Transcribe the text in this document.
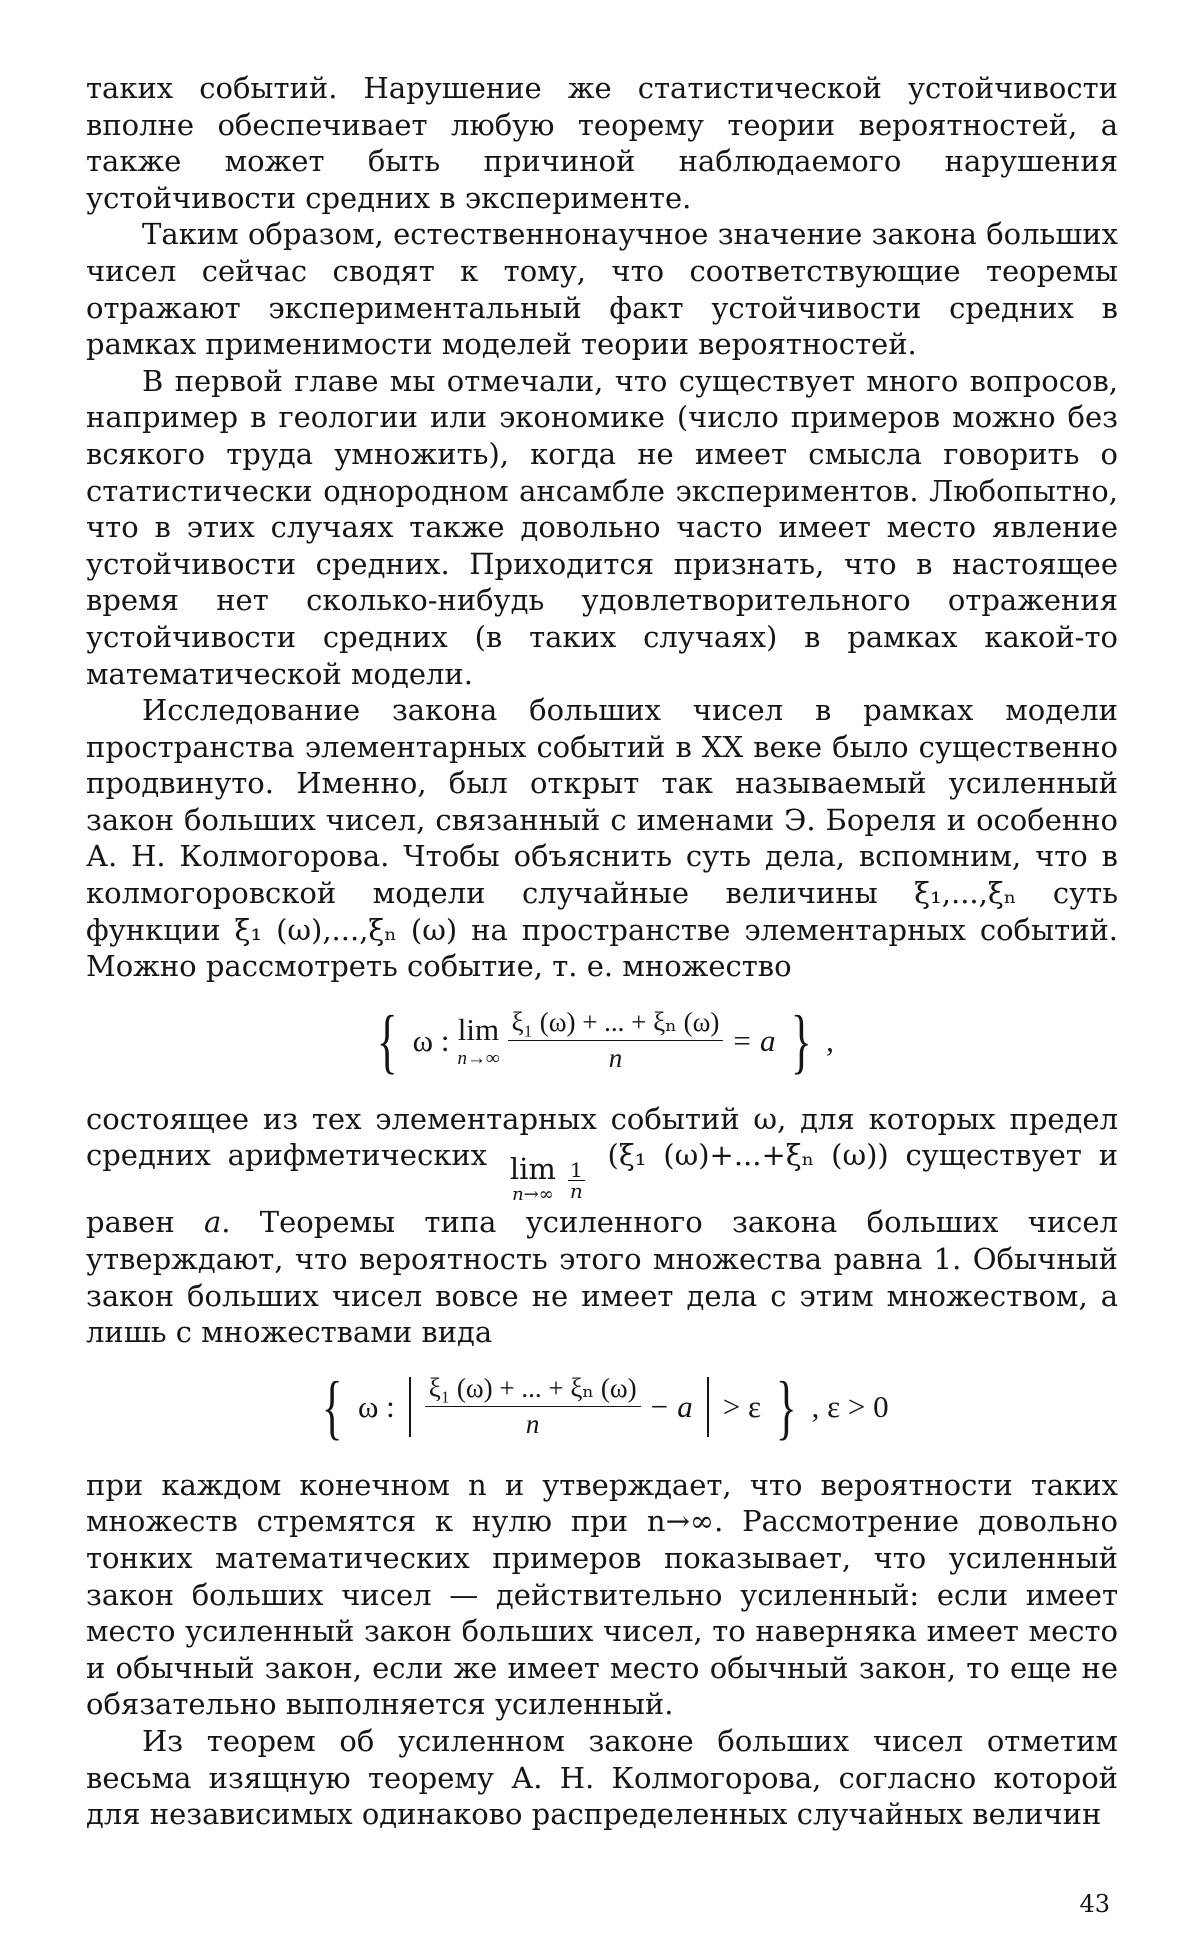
таких событий. Нарушение же статистической устойчивости вполне обеспечивает любую теорему теории вероятностей, а также может быть причиной наблюдаемого нарушения устойчивости средних в эксперименте.

Таким образом, естественнонаучное значение закона больших чисел сейчас сводят к тому, что соответствующие теоремы отражают экспериментальный факт устойчивости средних в рамках применимости моделей теории вероятностей.

В первой главе мы отмечали, что существует много вопросов, например в геологии или экономике (число примеров можно без всякого труда умножить), когда не имеет смысла говорить о статистически однородном ансамбле экспериментов. Любопытно, что в этих случаях также довольно часто имеет место явление устойчивости средних. Приходится признать, что в настоящее время нет сколько-нибудь удовлетворительного отражения устойчивости средних (в таких случаях) в рамках какой-то математической модели.

Исследование закона больших чисел в рамках модели пространства элементарных событий в XX веке было существенно продвинуто. Именно, был открыт так называемый усиленный закон больших чисел, связанный с именами Э. Бореля и особенно А. Н. Колмогорова. Чтобы объяснить суть дела, вспомним, что в колмогоровской модели случайные величины ξ₁,...,ξₙ суть функции ξ₁ (ω),...,ξₙ (ω) на пространстве элементарных событий. Можно рассмотреть событие, т. е. множество

{ ω : lim
$n\to\infty \frac{\text{ξ₁ (ω) + ... + ξₙ (ω)}}{n} = a$ } ,

состоящее из тех элементарных событий ω, для которых предел средних арифметических lim
$n\to\infty \frac{1}{n}$
(ξ₁ (ω)+...+ξₙ (ω)) существует и равен a. Теоремы типа усиленного закона больших чисел утверждают, что вероятность этого множества равна 1. Обычный закон больших чисел вовсе не имеет дела с этим множеством, а лишь с множествами вида

{ ω : $\frac{\text{ξ₁ (ω) + ... + ξₙ (ω)}}{n} - a > \varepsilon$ } , ε > 0

при каждом конечном n и утверждает, что вероятности таких множеств стремятся к нулю при n→∞. Рассмотрение довольно тонких математических примеров показывает, что усиленный закон больших чисел — действительно усиленный: если имеет место усиленный закон больших чисел, то наверняка имеет место и обычный закон, если же имеет место обычный закон, то еще не обязательно выполняется усиленный.

Из теорем об усиленном законе больших чисел отметим весьма изящную теорему А. Н. Колмогорова, согласно которой для независимых одинаково распределенных случайных величин

43
